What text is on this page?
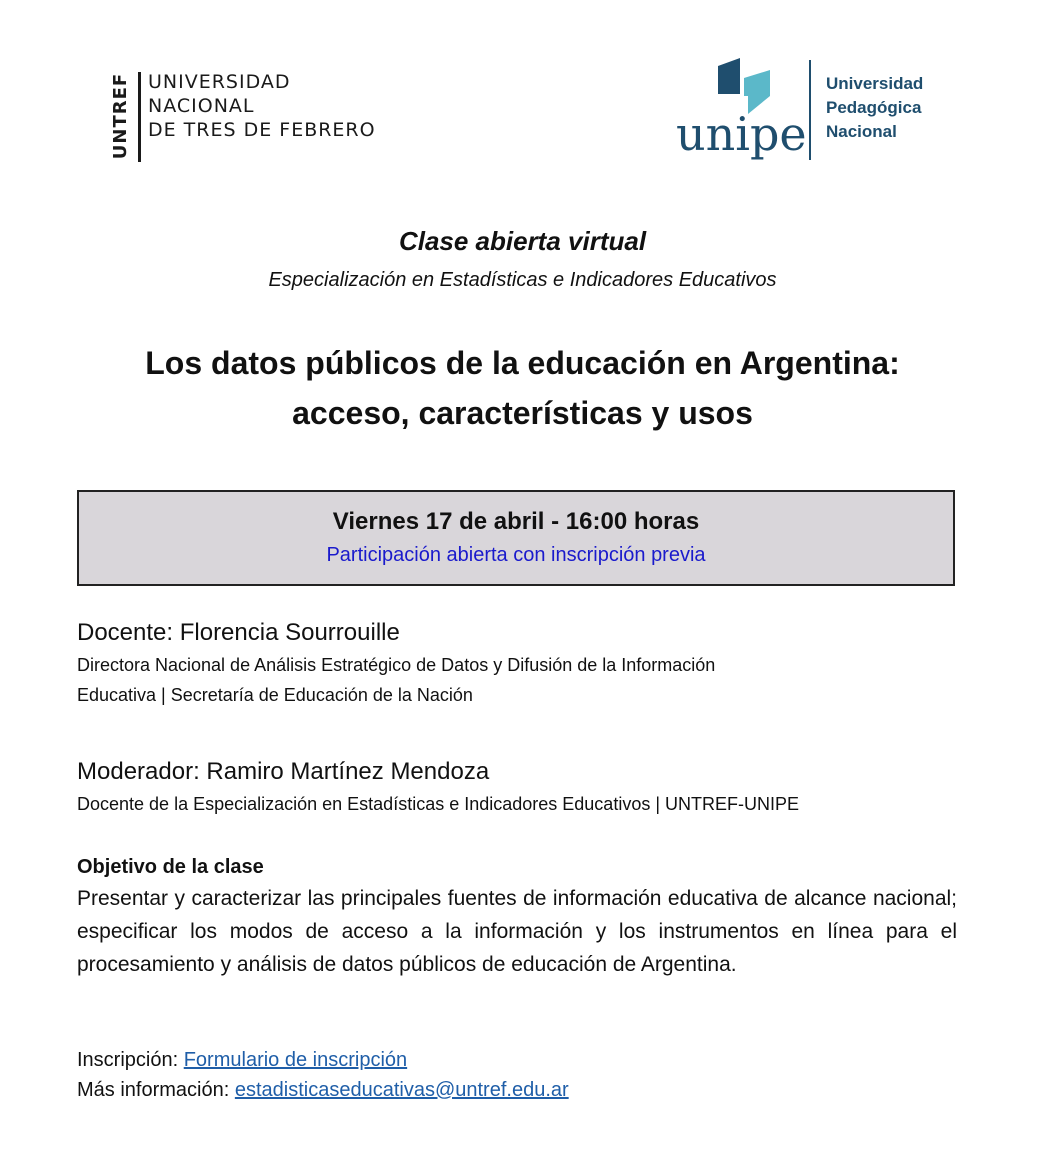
UNTREF UNIVERSIDAD
NACIONAL
DE TRES DE FEBRERO	unipe
Universidad
Pedagógica
Nacional
Clase abierta virtual
Especialización en Estadísticas e Indicadores Educativos
Los datos públicos de la educación en Argentina:
acceso, características y usos
Viernes 17 de abril - 16:00 horas
Participación abierta con inscripción previa
Docente: Florencia Sourrouille
Directora Nacional de Análisis Estratégico de Datos y Difusión de la Información
Educativa | Secretaría de Educación de la Nación
Moderador: Ramiro Martínez Mendoza
Docente de la Especialización en Estadísticas e Indicadores Educativos | UNTREF-UNIPE
Objetivo de la clase
Presentar y caracterizar las principales fuentes de información educativa de alcance nacional; especificar los modos de acceso a la información y los instrumentos en línea para el procesamiento y análisis de datos públicos de educación de Argentina.
Inscripción: Formulario de inscripción
Más información: estadisticaseducativas@untref.edu.ar
